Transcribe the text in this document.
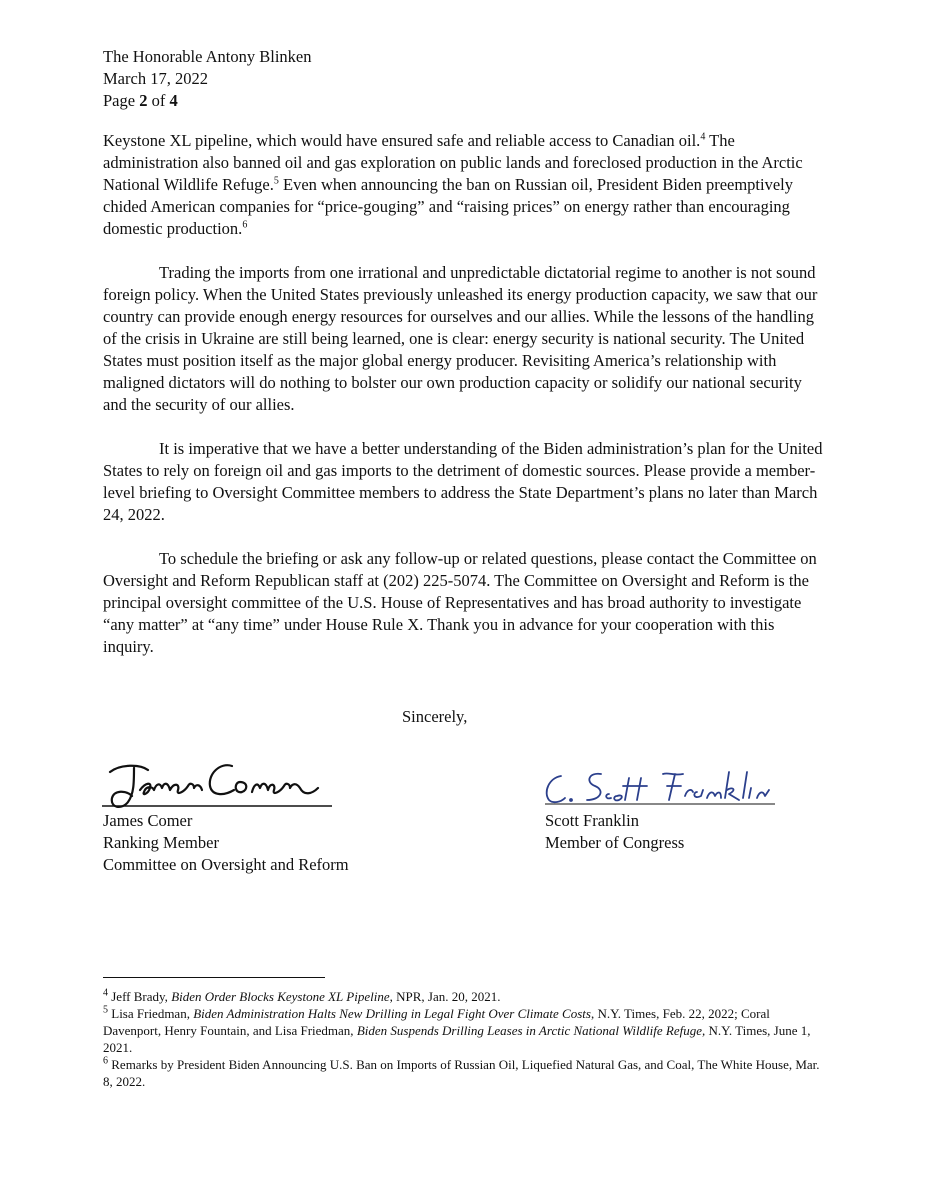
The Honorable Antony Blinken
March 17, 2022
Page 2 of 4

Keystone XL pipeline, which would have ensured safe and reliable access to Canadian oil.$^4$ The administration also banned oil and gas exploration on public lands and foreclosed production in the Arctic National Wildlife Refuge.$^5$ Even when announcing the ban on Russian oil, President Biden preemptively chided American companies for “price-gouging” and “raising prices” on energy rather than encouraging domestic production.$^6$

Trading the imports from one irrational and unpredictable dictatorial regime to another is not sound foreign policy. When the United States previously unleashed its energy production capacity, we saw that our country can provide enough energy resources for ourselves and our allies. While the lessons of the handling of the crisis in Ukraine are still being learned, one is clear: energy security is national security. The United States must position itself as the major global energy producer. Revisiting America’s relationship with maligned dictators will do nothing to bolster our own production capacity or solidify our national security and the security of our allies.

It is imperative that we have a better understanding of the Biden administration’s plan for the United States to rely on foreign oil and gas imports to the detriment of domestic sources. Please provide a member-level briefing to Oversight Committee members to address the State Department’s plans no later than March 24, 2022.

To schedule the briefing or ask any follow-up or related questions, please contact the Committee on Oversight and Reform Republican staff at (202) 225-5074. The Committee on Oversight and Reform is the principal oversight committee of the U.S. House of Representatives and has broad authority to investigate “any matter” at “any time” under House Rule X. Thank you in advance for your cooperation with this inquiry.

Sincerely,
James Comer
Ranking Member
Committee on Oversight and Reform
Scott Franklin
Member of Congress

$^4$ Jeff Brady, Biden Order Blocks Keystone XL Pipeline, NPR, Jan. 20, 2021.

$^5$ Lisa Friedman, Biden Administration Halts New Drilling in Legal Fight Over Climate Costs, N.Y. Times, Feb. 22, 2022; Coral Davenport, Henry Fountain, and Lisa Friedman, Biden Suspends Drilling Leases in Arctic National Wildlife Refuge, N.Y. Times, June 1, 2021.

$^6$ Remarks by President Biden Announcing U.S. Ban on Imports of Russian Oil, Liquefied Natural Gas, and Coal, The White House, Mar. 8, 2022.
